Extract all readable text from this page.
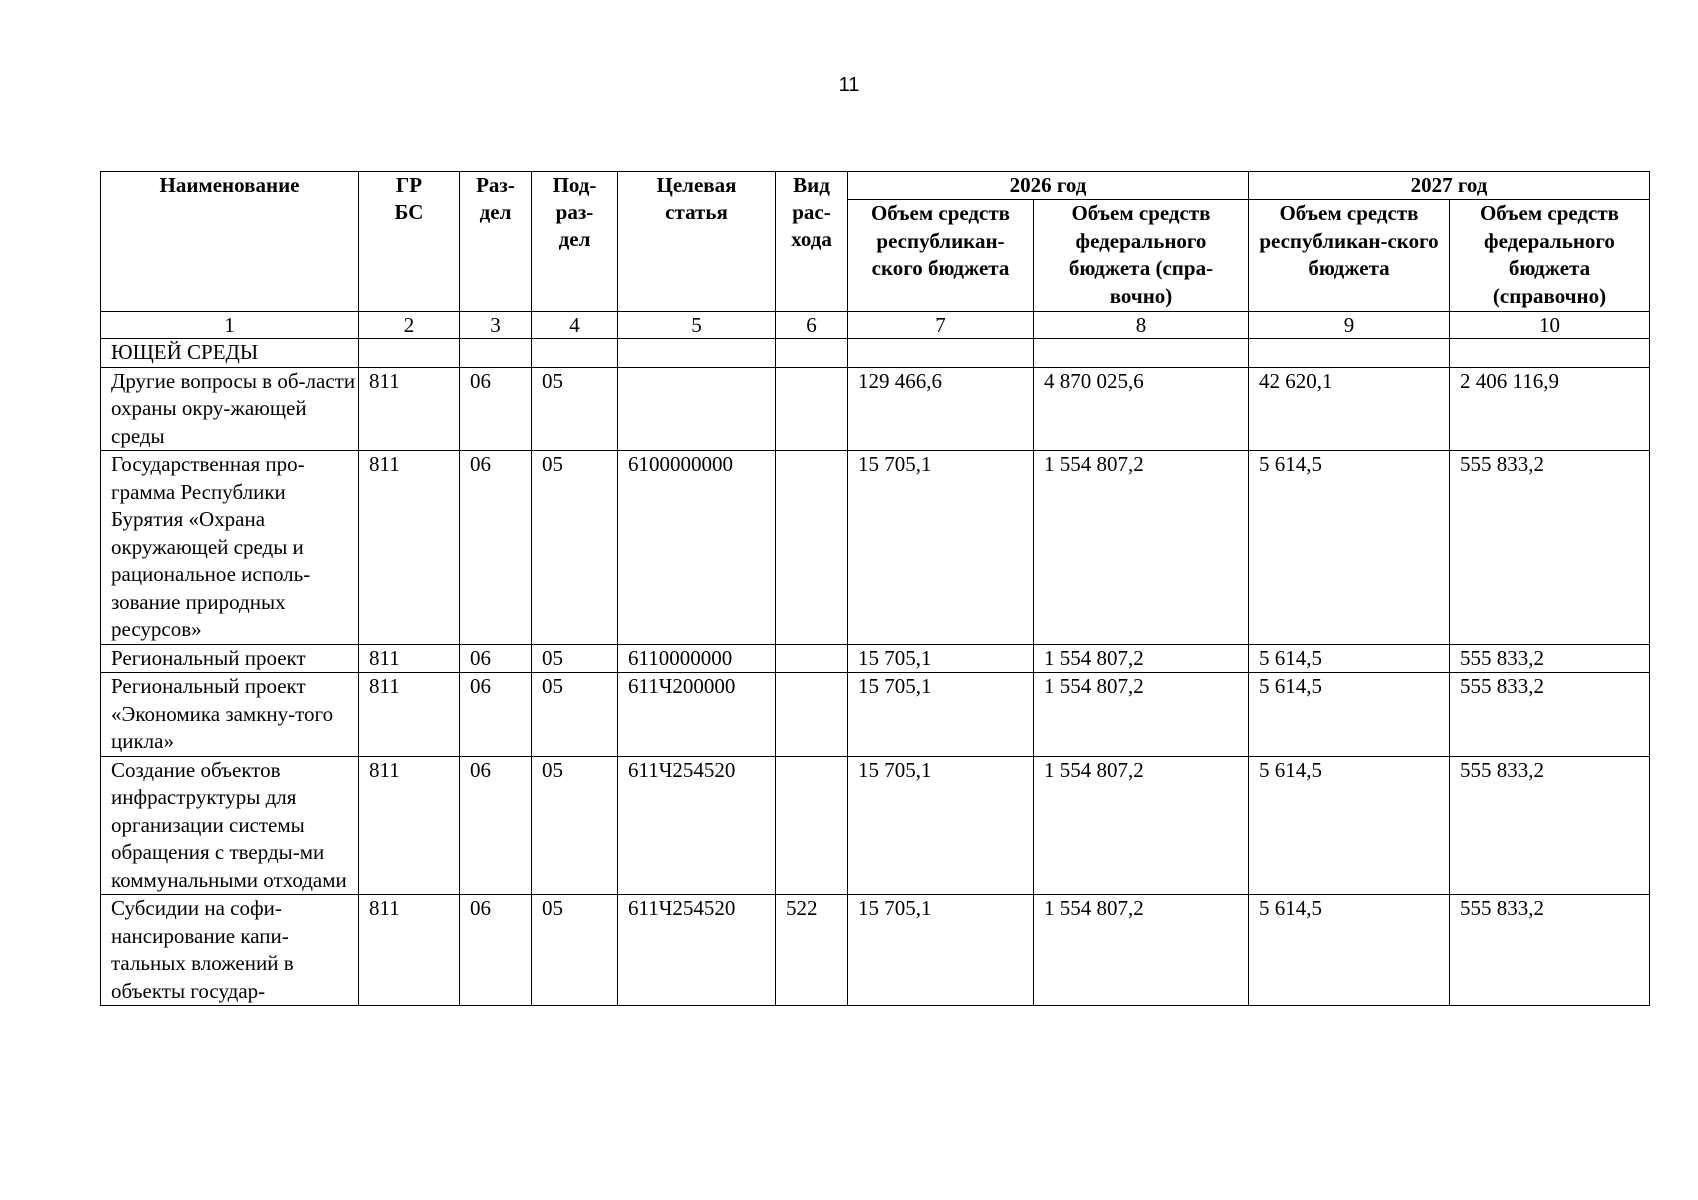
11
Наименование	ГР БС	Раз-дел	Под-раз-дел	Целевая статья	Вид рас-хода	2026 год		2027 год	
						Объем средств республикан-ского бюджета	Объем средств федерального бюджета (спра-вочно)	Объем средств республикан-ского бюджета	Объем средств федерального бюджета (справочно)
1	2	3	4	5	6	7	8	9	10
ЮЩЕЙ СРЕДЫ									
Другие вопросы в об-ласти охраны окру-жающей среды	811	06	05			129 466,6	4 870 025,6	42 620,1	2 406 116,9
Государственная про-грамма Республики Бурятия «Охрана окружающей среды и рациональное исполь-зование природных ресурсов»	811	06	05	6100000000		15 705,1	1 554 807,2	5 614,5	555 833,2
Региональный проект	811	06	05	6110000000		15 705,1	1 554 807,2	5 614,5	555 833,2
Региональный проект «Экономика замкну-того цикла»	811	06	05	611Ч200000		15 705,1	1 554 807,2	5 614,5	555 833,2
Создание объектов инфраструктуры для организации системы обращения с тверды-ми коммунальными отходами	811	06	05	611Ч254520		15 705,1	1 554 807,2	5 614,5	555 833,2
Субсидии на софи-нансирование капи-тальных вложений в объекты государ-	811	06	05	611Ч254520	522	15 705,1	1 554 807,2	5 614,5	555 833,2
